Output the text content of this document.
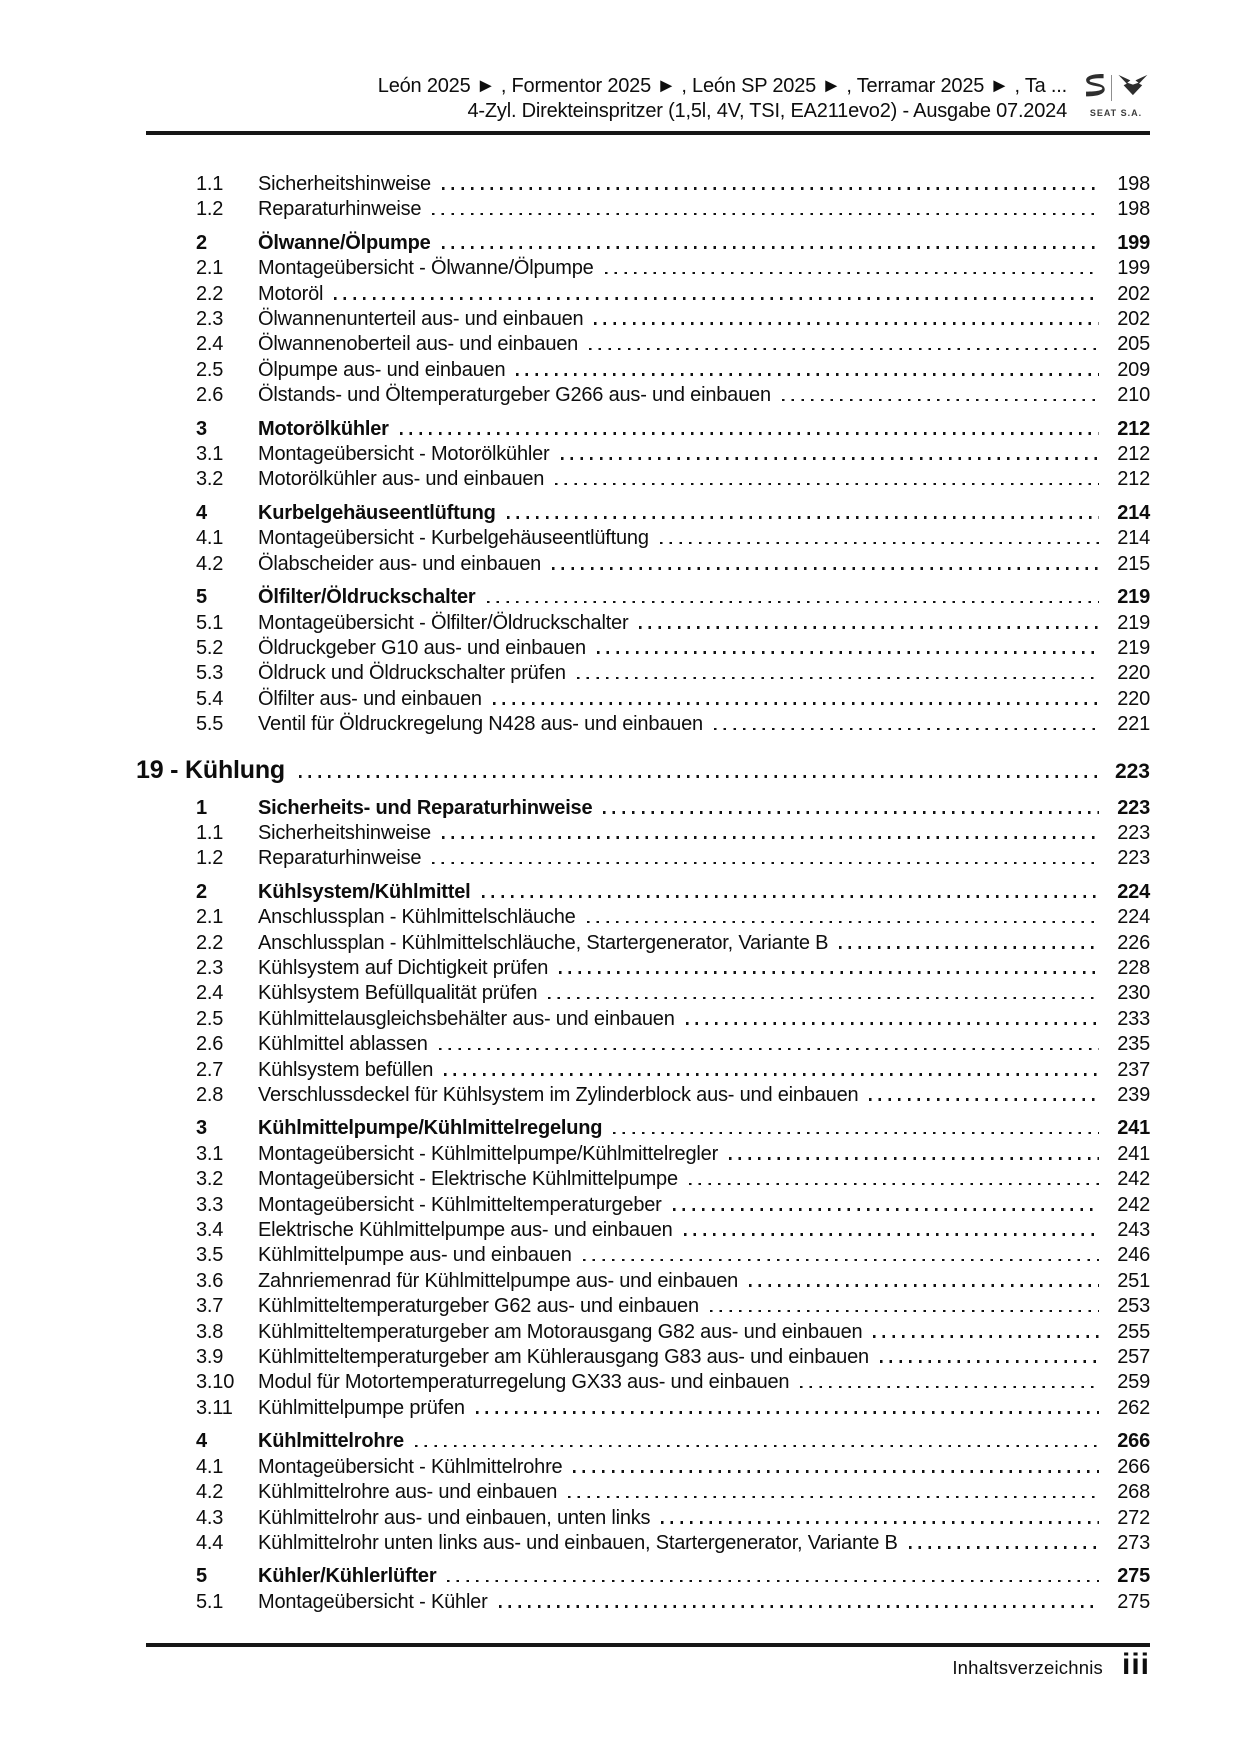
León 2025 ► , Formentor 2025 ► , León SP 2025 ► , Terramar 2025 ► , Ta ...
4-Zyl. Direkteinspritzer (1,5l, 4V, TSI, EA211evo2) - Ausgabe 07.2024	SEAT S.A.
1.1	Sicherheitshinweise	198
1.2	Reparaturhinweise	198
2	Ölwanne/Ölpumpe	199
2.1	Montageübersicht - Ölwanne/Ölpumpe	199
2.2	Motoröl	202
2.3	Ölwannenunterteil aus- und einbauen	202
2.4	Ölwannenoberteil aus- und einbauen	205
2.5	Ölpumpe aus- und einbauen	209
2.6	Ölstands- und Öltemperaturgeber G266 aus- und einbauen	210
3	Motorölkühler	212
3.1	Montageübersicht - Motorölkühler	212
3.2	Motorölkühler aus- und einbauen	212
4	Kurbelgehäuseentlüftung	214
4.1	Montageübersicht - Kurbelgehäuseentlüftung	214
4.2	Ölabscheider aus- und einbauen	215
5	Ölfilter/Öldruckschalter	219
5.1	Montageübersicht - Ölfilter/Öldruckschalter	219
5.2	Öldruckgeber G10 aus- und einbauen	219
5.3	Öldruck und Öldruckschalter prüfen	220
5.4	Ölfilter aus- und einbauen	220
5.5	Ventil für Öldruckregelung N428 aus- und einbauen	221
19 - Kühlung	223
1	Sicherheits- und Reparaturhinweise	223
1.1	Sicherheitshinweise	223
1.2	Reparaturhinweise	223
2	Kühlsystem/Kühlmittel	224
2.1	Anschlussplan - Kühlmittelschläuche	224
2.2	Anschlussplan - Kühlmittelschläuche, Startergenerator, Variante B	226
2.3	Kühlsystem auf Dichtigkeit prüfen	228
2.4	Kühlsystem Befüllqualität prüfen	230
2.5	Kühlmittelausgleichsbehälter aus- und einbauen	233
2.6	Kühlmittel ablassen	235
2.7	Kühlsystem befüllen	237
2.8	Verschlussdeckel für Kühlsystem im Zylinderblock aus- und einbauen	239
3	Kühlmittelpumpe/Kühlmittelregelung	241
3.1	Montageübersicht - Kühlmittelpumpe/Kühlmittelregler	241
3.2	Montageübersicht - Elektrische Kühlmittelpumpe	242
3.3	Montageübersicht - Kühlmitteltemperaturgeber	242
3.4	Elektrische Kühlmittelpumpe aus- und einbauen	243
3.5	Kühlmittelpumpe aus- und einbauen	246
3.6	Zahnriemenrad für Kühlmittelpumpe aus- und einbauen	251
3.7	Kühlmitteltemperaturgeber G62 aus- und einbauen	253
3.8	Kühlmitteltemperaturgeber am Motorausgang G82 aus- und einbauen	255
3.9	Kühlmitteltemperaturgeber am Kühlerausgang G83 aus- und einbauen	257
3.10	Modul für Motortemperaturregelung GX33 aus- und einbauen	259
3.11	Kühlmittelpumpe prüfen	262
4	Kühlmittelrohre	266
4.1	Montageübersicht - Kühlmittelrohre	266
4.2	Kühlmittelrohre aus- und einbauen	268
4.3	Kühlmittelrohr aus- und einbauen, unten links	272
4.4	Kühlmittelrohr unten links aus- und einbauen, Startergenerator, Variante B	273
5	Kühler/Kühlerlüfter	275
5.1	Montageübersicht - Kühler	275
Inhaltsverzeichnis iii
